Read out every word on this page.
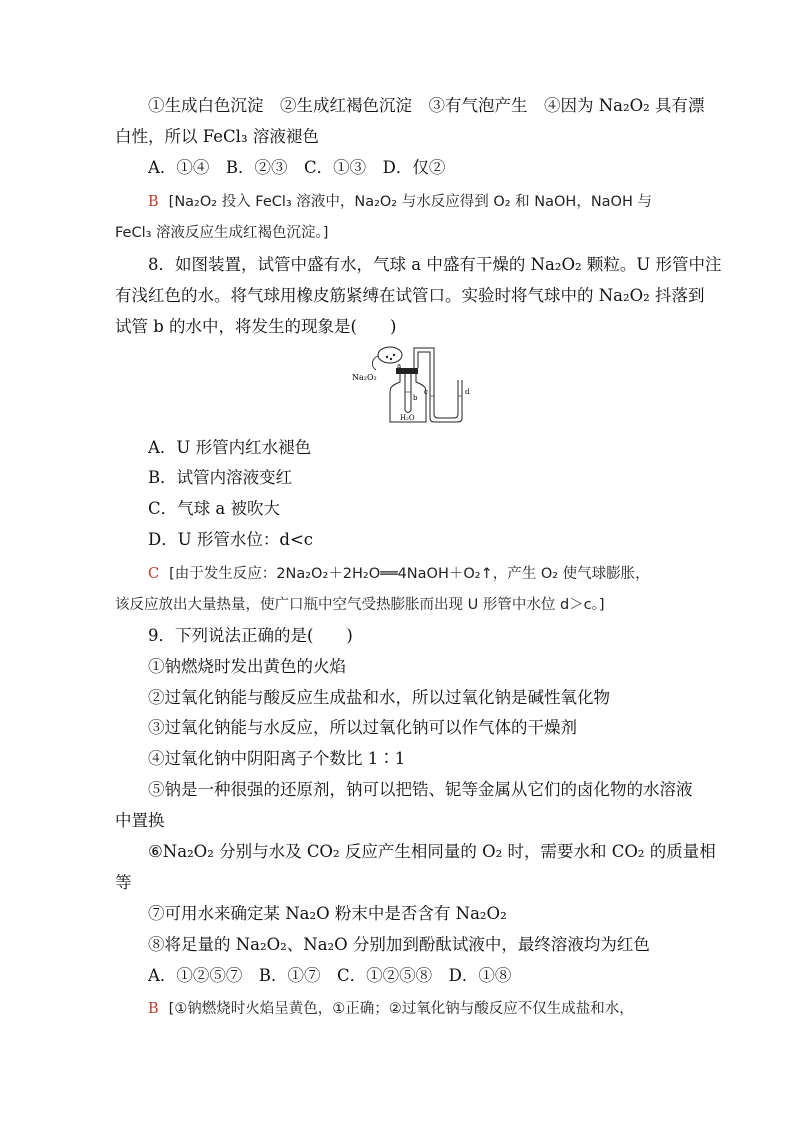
①生成白色沉淀　②生成红褐色沉淀　③有气泡产生　④因为 Na₂O₂ 具有漂
白性，所以 FeCl₃ 溶液褪色
A．①④　B．②③　C．①③　D．仅②
B [Na₂O₂ 投入 FeCl₃ 溶液中，Na₂O₂ 与水反应得到 O₂ 和 NaOH，NaOH 与
FeCl₃ 溶液反应生成红褐色沉淀。]
8．如图装置，试管中盛有水，气球 a 中盛有干燥的 Na₂O₂ 颗粒。U 形管中注
有浅红色的水。将气球用橡皮筋紧缚在试管口。实验时将气球中的 Na₂O₂ 抖落到
试管 b 的水中，将发生的现象是(　　)
Na₂O₂
a
b
H₂O
c	d
A．U 形管内红水褪色
B．试管内溶液变红
C．气球 a 被吹大
D．U 形管水位：d<c
C [由于发生反应：2Na₂O₂＋2H₂O══4NaOH＋O₂↑，产生 O₂ 使气球膨胀，
该反应放出大量热量，使广口瓶中空气受热膨胀而出现 U 形管中水位 d＞c。]
9．下列说法正确的是(　　)
①钠燃烧时发出黄色的火焰
②过氧化钠能与酸反应生成盐和水，所以过氧化钠是碱性氧化物
③过氧化钠能与水反应，所以过氧化钠可以作气体的干燥剂
④过氧化钠中阴阳离子个数比 1∶1
⑤钠是一种很强的还原剂，钠可以把锆、铌等金属从它们的卤化物的水溶液
中置换
⑥Na₂O₂ 分别与水及 CO₂ 反应产生相同量的 O₂ 时，需要水和 CO₂ 的质量相
等
⑦可用水来确定某 Na₂O 粉末中是否含有 Na₂O₂
⑧将足量的 Na₂O₂、Na₂O 分别加到酚酞试液中，最终溶液均为红色
A．①②⑤⑦　B．①⑦　C．①②⑤⑧　D．①⑧
B [①钠燃烧时火焰呈黄色，①正确；②过氧化钠与酸反应不仅生成盐和水，
